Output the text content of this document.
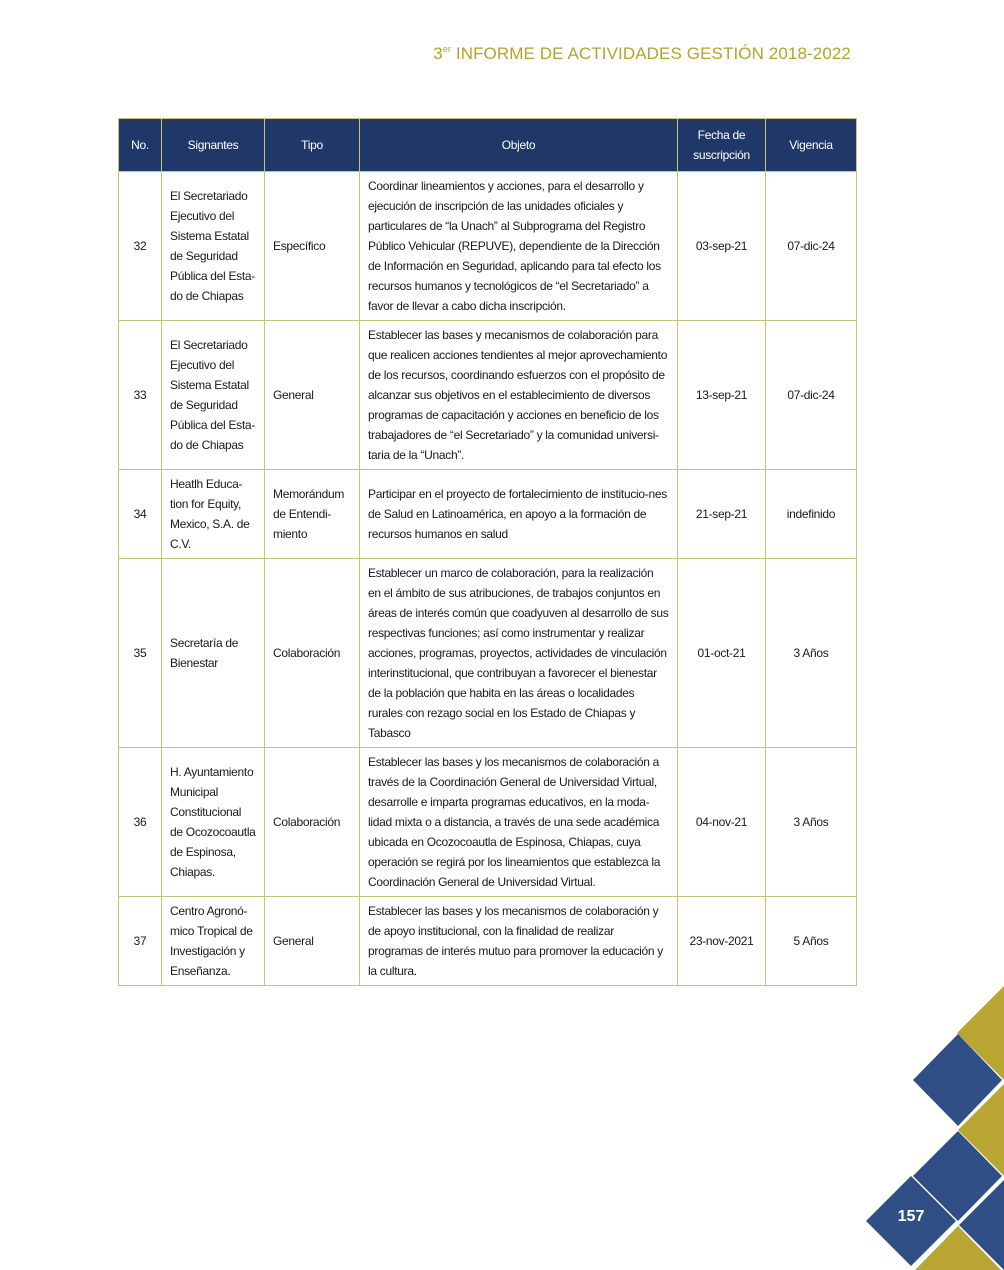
3er INFORME DE ACTIVIDADES GESTIÓN 2018-2022
No.	Signantes	Tipo	Objeto	Fecha de suscripción	Vigencia
32	El Secretariado Ejecutivo del Sistema Estatal de Seguridad Pública del Esta-do de Chiapas	Específico	Coordinar lineamientos y acciones, para el desarrollo y ejecución de inscripción de las unidades oficiales y particulares de “la Unach” al Subprograma del Registro Público Vehicular (REPUVE), dependiente de la Dirección de Información en Seguridad, aplicando para tal efecto los recursos humanos y tecnológicos de “el Secretariado” a favor de llevar a cabo dicha inscripción.	03-sep-21	07-dic-24
33	El Secretariado Ejecutivo del Sistema Estatal de Seguridad Pública del Esta-do de Chiapas	General	Establecer las bases y mecanismos de colaboración para que realicen acciones tendientes al mejor aprovechamiento de los recursos, coordinando esfuerzos con el propósito de alcanzar sus objetivos en el establecimiento de diversos programas de capacitación y acciones en beneficio de los trabajadores de “el Secretariado” y la comunidad universi-taria de la “Unach”.	13-sep-21	07-dic-24
34	Heatlh Educa-tion for Equity, Mexico, S.A. de C.V.	Memorándum de Entendi-miento	Participar en el proyecto de fortalecimiento de institucio-nes de Salud en Latinoamérica, en apoyo a la formación de recursos humanos en salud	21-sep-21	indefinido
35	Secretaría de Bienestar	Colaboración	Establecer un marco de colaboración, para la realización en el ámbito de sus atribuciones, de trabajos conjuntos en áreas de interés común que coadyuven al desarrollo de sus respectivas funciones; así como instrumentar y realizar acciones, programas, proyectos, actividades de vinculación interinstitucional, que contribuyan a favorecer el bienestar de la población que habita en las áreas o localidades rurales con rezago social en los Estado de Chiapas y Tabasco	01-oct-21	3 Años
36	H. Ayuntamiento Municipal Constitucional de Ocozocoautla de Espinosa, Chiapas.	Colaboración	Establecer las bases y los mecanismos de colaboración a través de la Coordinación General de Universidad Virtual, desarrolle e imparta programas educativos, en la moda-lidad mixta o a distancia, a través de una sede académica ubicada en Ocozocoautla de Espinosa, Chiapas, cuya operación se regirá por los lineamientos que establezca la Coordinación General de Universidad Virtual.	04-nov-21	3 Años
37	Centro Agronó-mico Tropical de Investigación y Enseñanza.	General	Establecer las bases y los mecanismos de colaboración y de apoyo institucional, con la finalidad de realizar programas de interés mutuo para promover la educación y la cultura.	23-nov-2021	5 Años
157
